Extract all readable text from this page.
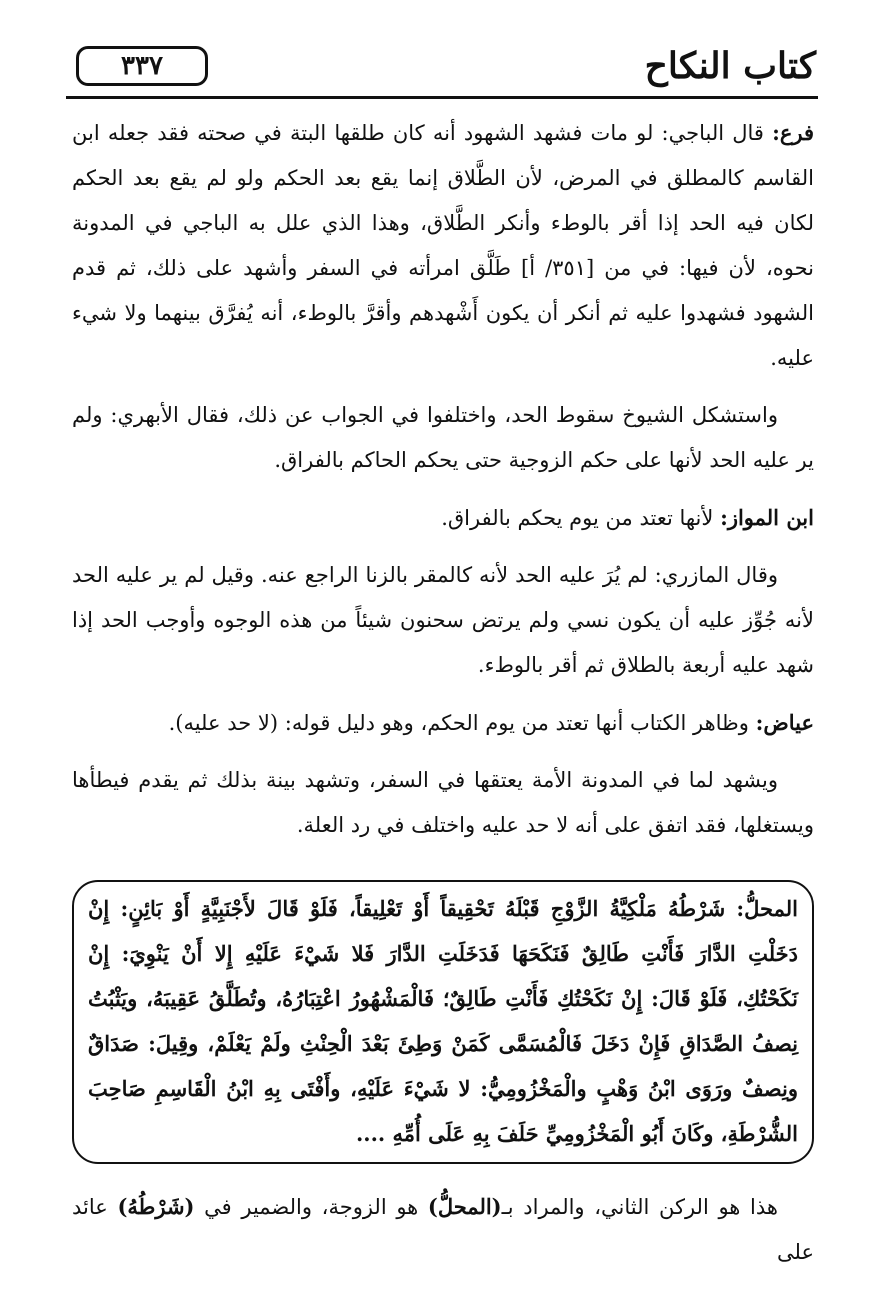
كتاب النكاح
٣٣٧

فرع: قال الباجي: لو مات فشهد الشهود أنه كان طلقها البتة في صحته فقد جعله ابن القاسم كالمطلق في المرض، لأن الطَّلاق إنما يقع بعد الحكم ولو لم يقع بعد الحكم لكان فيه الحد إذا أقر بالوطء وأنكر الطَّلاق، وهذا الذي علل به الباجي في المدونة نحوه، لأن فيها: في من [٣٥١/ أ] طَلَّق امرأته في السفر وأشهد على ذلك، ثم قدم الشهود فشهدوا عليه ثم أنكر أن يكون أَشْهدهم وأقرَّ بالوطء، أنه يُفرَّق بينهما ولا شيء عليه.

واستشكل الشيوخ سقوط الحد، واختلفوا في الجواب عن ذلك، فقال الأبهري: ولم ير عليه الحد لأنها على حكم الزوجية حتى يحكم الحاكم بالفراق.

ابن المواز: لأنها تعتد من يوم يحكم بالفراق.

وقال المازري: لم يُرَ عليه الحد لأنه كالمقر بالزنا الراجع عنه. وقيل لم ير عليه الحد لأنه جُوِّز عليه أن يكون نسي ولم يرتض سحنون شيئاً من هذه الوجوه وأوجب الحد إذا شهد عليه أربعة بالطلاق ثم أقر بالوطء.

عياض: وظاهر الكتاب أنها تعتد من يوم الحكم، وهو دليل قوله: (لا حد عليه).

ويشهد لما في المدونة الأمة يعتقها في السفر، وتشهد بينة بذلك ثم يقدم فيطأها ويستغلها، فقد اتفق على أنه لا حد عليه واختلف في رد العلة.

المحلُّ: شَرْطُهُ مَلْكِيَّةُ الزَّوْجِ قَبْلَهُ تَحْقِيقاً أَوْ تَعْلِيقاً، فَلَوْ قَالَ لأَجْنَبِيَّةٍ أَوْ بَائِنٍ: إِنْ دَخَلْتِ الدَّارَ فَأَنْتِ طَالِقٌ فَنَكَحَهَا فَدَخَلَتِ الدَّارَ فَلا شَيْءَ عَلَيْهِ إِلا أَنْ يَنْوِيَ: إِنْ نَكَحْتُكِ، فَلَوْ قَالَ: إِنْ نَكَحْتُكِ فَأَنْتِ طَالِقٌ؛ فَالْمَشْهُورُ اعْتِبَارُهُ، وتُطَلَّقُ عَقِيبَهُ، ويَثْبُتُ نِصفُ الصَّدَاقِ فَإِنْ دَخَلَ فَالْمُسَمَّى كَمَنْ وَطِئَ بَعْدَ الْحِنْثِ ولَمْ يَعْلَمْ، وقِيلَ: صَدَاقٌ ونِصفٌ ورَوَى ابْنُ وَهْبٍ والْمَخْزُومِيُّ: لا شَيْءَ عَلَيْهِ، وأَفْتَى بِهِ ابْنُ الْقَاسِمِ صَاحِبَ الشُّرْطَةِ، وكَانَ أَبُو الْمَخْزُومِيِّ حَلَفَ بِهِ عَلَى أُمِّهِ ....
هذا هو الركن الثاني، والمراد بـ(المحلُّ) هو الزوجة، والضمير في (شَرْطُهُ) عائد على
